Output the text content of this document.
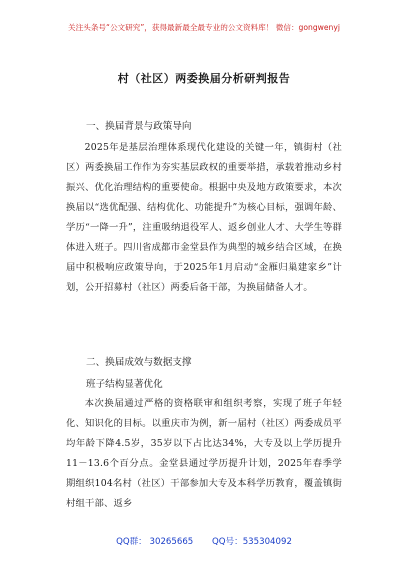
关注头条号“公文研究”，获得最新最全最专业的公文资料库！ 微信：gongwenyj
村（社区）两委换届分析研判报告
一、换届背景与政策导向

2025年是基层治理体系现代化建设的关键一年，镇街村（社区）两委换届工作作为夯实基层政权的重要举措，承载着推动乡村振兴、优化治理结构的重要使命。根据中央及地方政策要求，本次换届以“选优配强、结构优化、功能提升”为核心目标，强调年龄、学历“一降一升”，注重吸纳退役军人、返乡创业人才、大学生等群体进入班子。四川省成都市金堂县作为典型的城乡结合区域，在换届中积极响应政策导向，于2025年1月启动“金雁归巢建家乡”计划，公开招募村（社区）两委后备干部，为换届储备人才。

二、换届成效与数据支撑
班子结构显著优化

本次换届通过严格的资格联审和组织考察，实现了班子年轻化、知识化的目标。以重庆市为例，新一届村（社区）两委成员平均年龄下降4.5岁，35岁以下占比达34%，大专及以上学历提升11－13.6个百分点。金堂县通过学历提升计划，2025年春季学期组织104名村（社区）干部参加大专及本科学历教育，覆盖镇街村组干部、返乡

QQ群： 30265665 QQ号：535304092
